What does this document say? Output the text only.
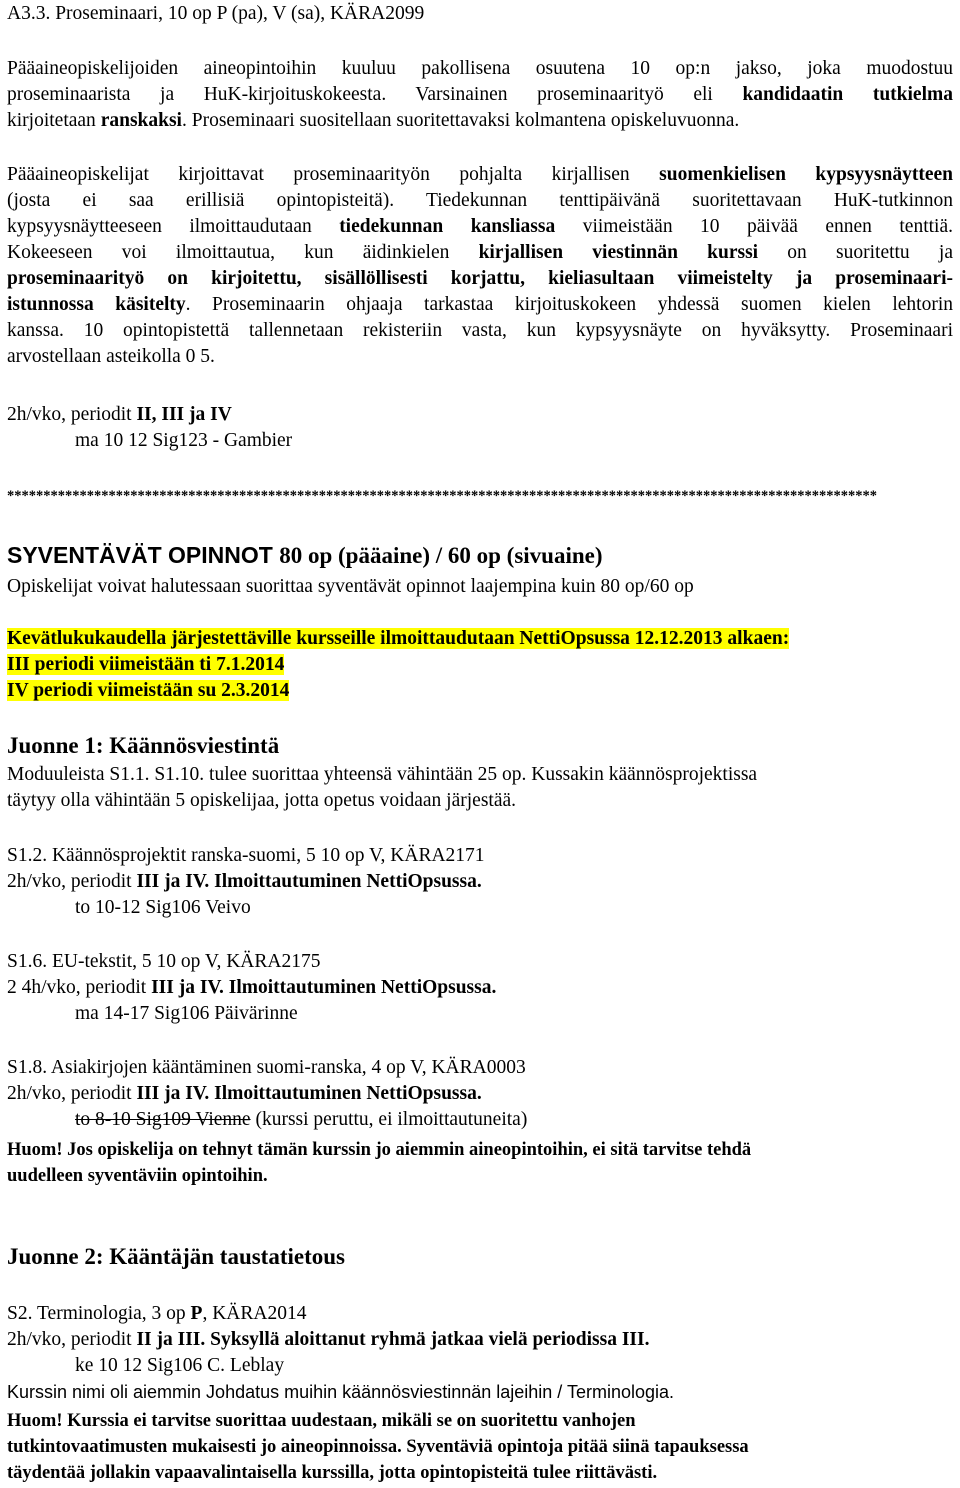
A3.3. Proseminaari, 10 op P (pa), V (sa), KÄRA2099
Pääaineopiskelijoiden aineopintoihin kuuluu pakollisena osuutena 10 op:n jakso, joka muodostuu
proseminaarista ja HuK-kirjoituskokeesta. Varsinainen proseminaarityö eli kandidaatin tutkielma
kirjoitetaan ranskaksi. Proseminaari suositellaan suoritettavaksi kolmantena opiskeluvuonna.
Pääaineopiskelijat kirjoittavat proseminaarityön pohjalta kirjallisen suomenkielisen kypsyysnäytteen
(josta ei saa erillisiä opintopisteitä). Tiedekunnan tenttipäivänä suoritettavaan HuK-tutkinnon
kypsyysnäytteeseen ilmoittaudutaan tiedekunnan kansliassa viimeistään 10 päivää ennen tenttiä.
Kokeeseen voi ilmoittautua, kun äidinkielen kirjallisen viestinnän kurssi on suoritettu ja
proseminaarityö on kirjoitettu, sisällöllisesti korjattu, kieliasultaan viimeistelty ja proseminaari-
istunnossa käsitelty. Proseminaarin ohjaaja tarkastaa kirjoituskokeen yhdessä suomen kielen lehtorin
kanssa. 10 opintopistettä tallennetaan rekisteriin vasta, kun kypsyysnäyte on hyväksytty. Proseminaari
arvostellaan asteikolla 0 5.
2h/vko, periodit II, III ja IV
ma 10 12 Sig123 - Gambier
************************************************************************************************************************
SYVENTÄVÄT OPINNOT 80 op (pääaine) / 60 op (sivuaine)
Opiskelijat voivat halutessaan suorittaa syventävät opinnot laajempina kuin 80 op/60 op
Kevätlukukaudella järjestettäville kursseille ilmoittaudutaan NettiOpsussa 12.12.2013 alkaen:
III periodi viimeistään ti 7.1.2014
IV periodi viimeistään su 2.3.2014
Juonne 1: Käännösviestintä
Moduuleista S1.1. S1.10. tulee suorittaa yhteensä vähintään 25 op. Kussakin käännösprojektissa
täytyy olla vähintään 5 opiskelijaa, jotta opetus voidaan järjestää.
S1.2. Käännösprojektit ranska-suomi, 5 10 op V, KÄRA2171
2h/vko, periodit III ja IV. Ilmoittautuminen NettiOpsussa.
to 10-12 Sig106 Veivo
S1.6. EU-tekstit, 5 10 op V, KÄRA2175
2 4h/vko, periodit III ja IV. Ilmoittautuminen NettiOpsussa.
ma 14-17 Sig106 Päivärinne
S1.8. Asiakirjojen kääntäminen suomi-ranska, 4 op V, KÄRA0003
2h/vko, periodit III ja IV. Ilmoittautuminen NettiOpsussa.
to 8-10 Sig109 Vienne (kurssi peruttu, ei ilmoittautuneita)
Huom! Jos opiskelija on tehnyt tämän kurssin jo aiemmin aineopintoihin, ei sitä tarvitse tehdä
uudelleen syventäviin opintoihin.
Juonne 2: Kääntäjän taustatietous
S2. Terminologia, 3 op P, KÄRA2014
2h/vko, periodit II ja III. Syksyllä aloittanut ryhmä jatkaa vielä periodissa III.
ke 10 12 Sig106 C. Leblay
Kurssin nimi oli aiemmin Johdatus muihin käännösviestinnän lajeihin / Terminologia.
Huom! Kurssia ei tarvitse suorittaa uudestaan, mikäli se on suoritettu vanhojen
tutkintovaatimusten mukaisesti jo aineopinnoissa. Syventäviä opintoja pitää siinä tapauksessa
täydentää jollakin vapaavalintaisella kurssilla, jotta opintopisteitä tulee riittävästi.
